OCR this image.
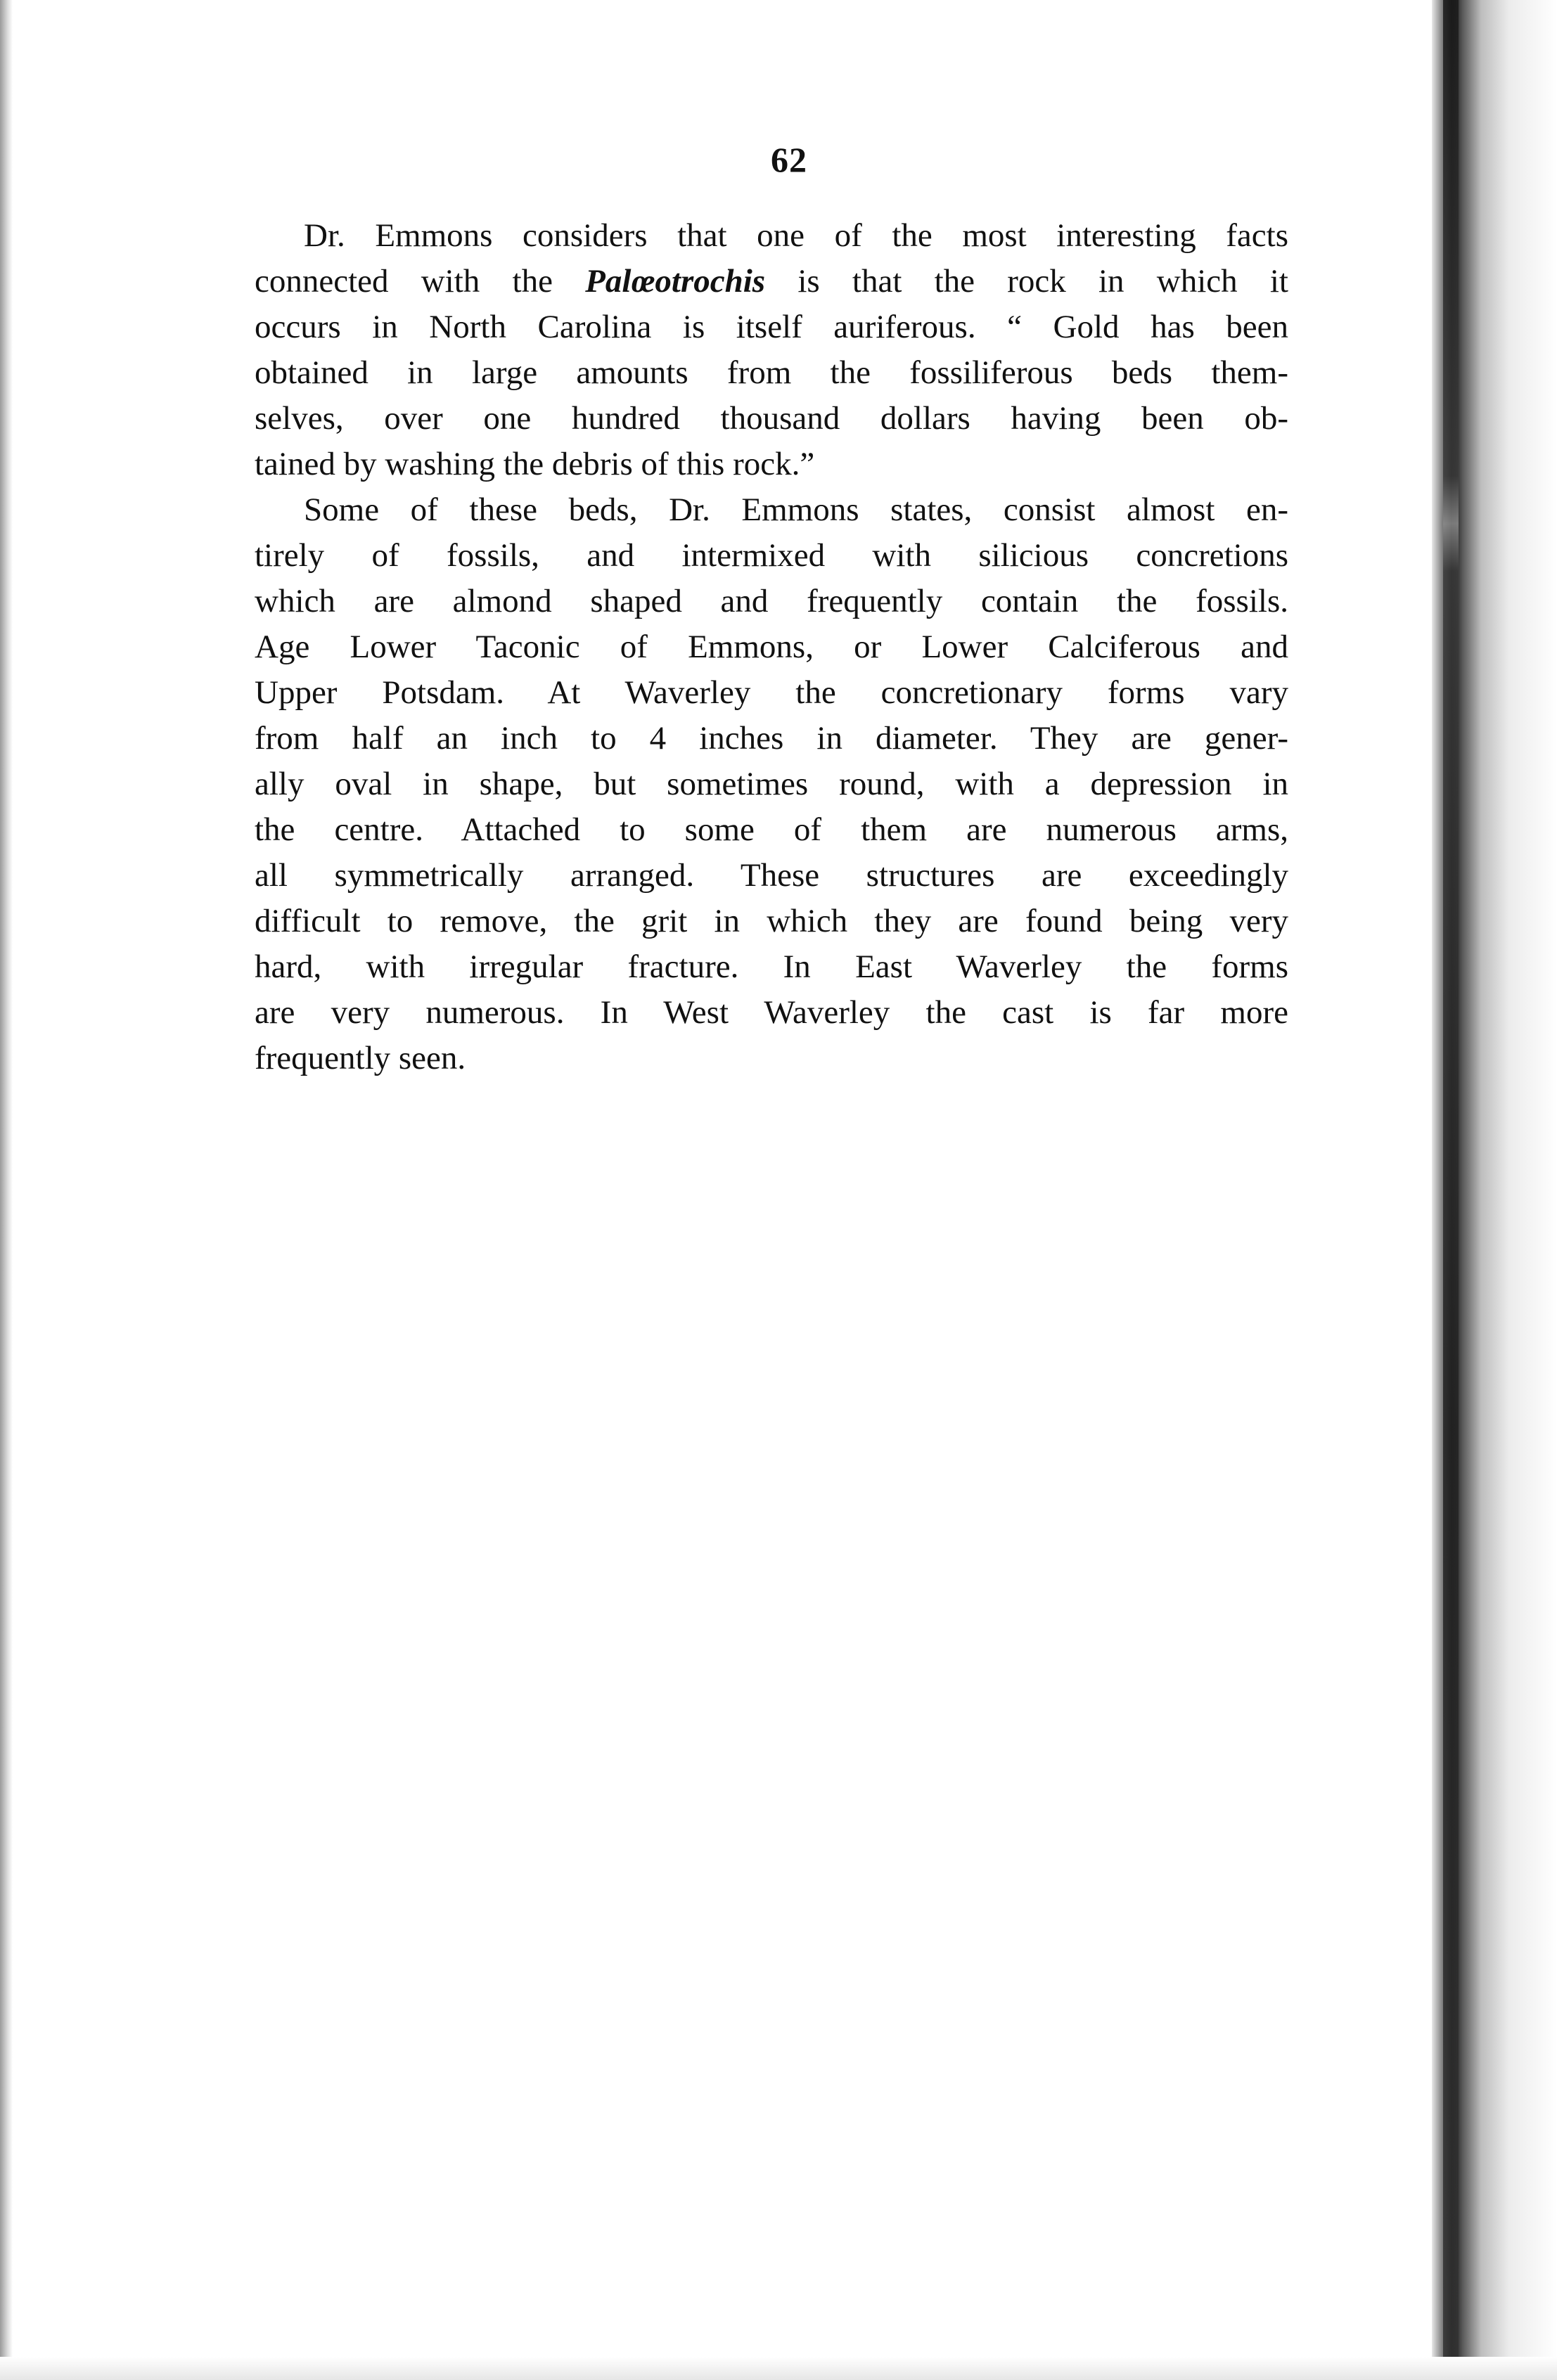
62
Dr. Emmons considers that one of the most interesting facts
connected with the Palœotrochis is that the rock in which it
occurs in North Carolina is itself auriferous. “ Gold has been
obtained in large amounts from the fossiliferous beds them-
selves, over one hundred thousand dollars having been ob-
tained by washing the debris of this rock.”
Some of these beds, Dr. Emmons states, consist almost en-
tirely of fossils, and intermixed with silicious concretions
which are almond shaped and frequently contain the fossils.
Age Lower Taconic of Emmons, or Lower Calciferous and
Upper Potsdam. At Waverley the concretionary forms vary
from half an inch to 4 inches in diameter. They are gener-
ally oval in shape, but sometimes round, with a depression in
the centre. Attached to some of them are numerous arms,
all symmetrically arranged. These structures are exceedingly
difficult to remove, the grit in which they are found being very
hard, with irregular fracture. In East Waverley the forms
are very numerous. In West Waverley the cast is far more
frequently seen.
